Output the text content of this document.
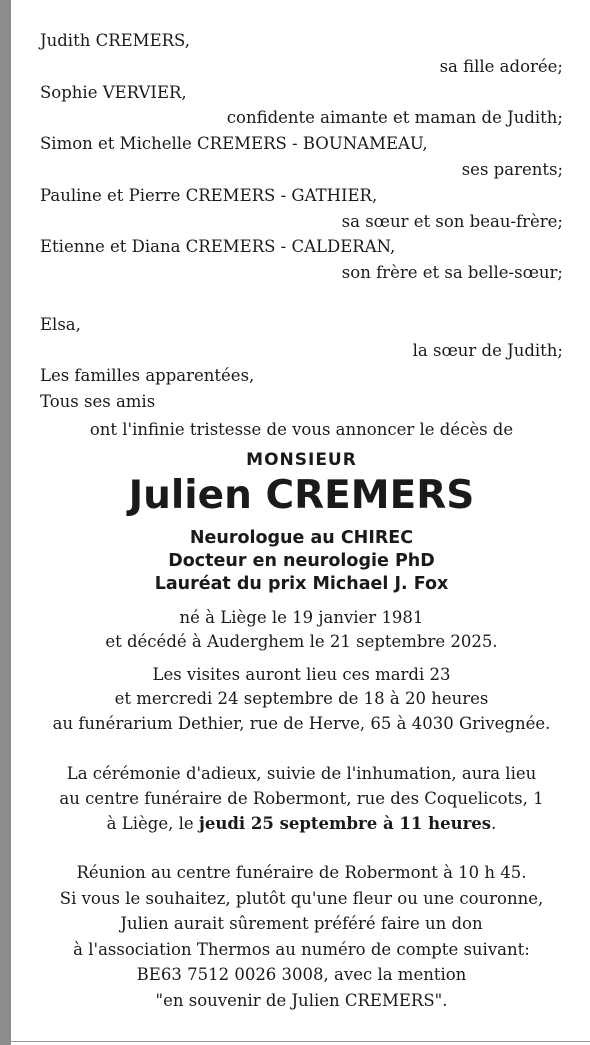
Judith CREMERS,
sa fille adorée;
Sophie VERVIER,
confidente aimante et maman de Judith;
Simon et Michelle CREMERS - BOUNAMEAU,
ses parents;
Pauline et Pierre CREMERS - GATHIER,
sa sœur et son beau-frère;
Etienne et Diana CREMERS - CALDERAN,
son frère et sa belle-sœur;
Elsa,
la sœur de Judith;
Les familles apparentées,
Tous ses amis
ont l'infinie tristesse de vous annoncer le décès de
MONSIEUR
Julien CREMERS
Neurologue au CHIREC
Docteur en neurologie PhD
Lauréat du prix Michael J. Fox
né à Liège le 19 janvier 1981
et décédé à Auderghem le 21 septembre 2025.
Les visites auront lieu ces mardi 23
et mercredi 24 septembre de 18 à 20 heures
au funérarium Dethier, rue de Herve, 65 à 4030 Grivegnée.
La cérémonie d'adieux, suivie de l'inhumation, aura lieu
au centre funéraire de Robermont, rue des Coquelicots, 1
à Liège, le jeudi 25 septembre à 11 heures.
Réunion au centre funéraire de Robermont à 10 h 45.
Si vous le souhaitez, plutôt qu'une fleur ou une couronne,
Julien aurait sûrement préféré faire un don
à l'association Thermos au numéro de compte suivant:
BE63 7512 0026 3008, avec la mention
"en souvenir de Julien CREMERS".
